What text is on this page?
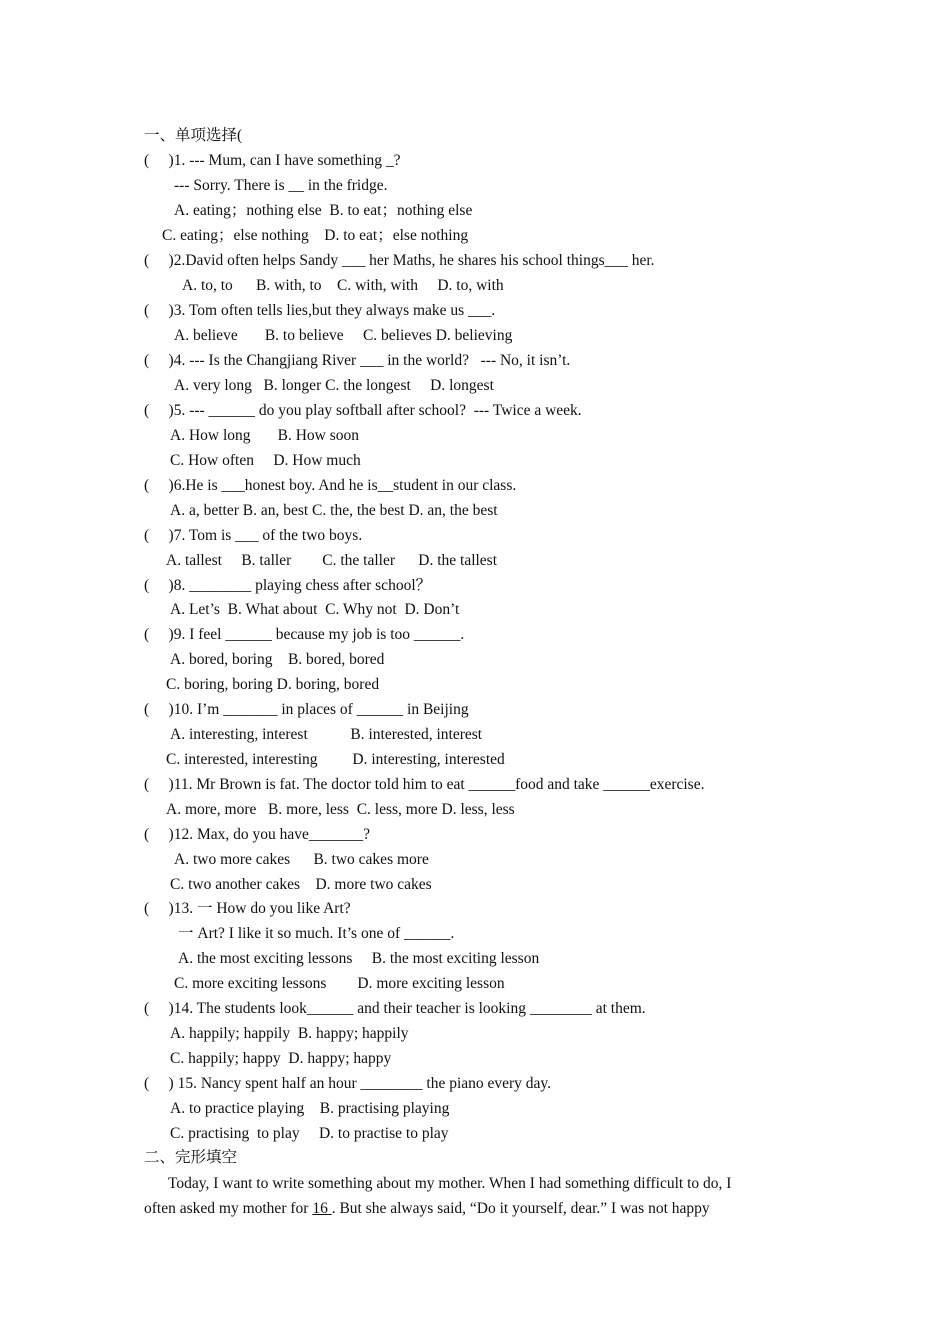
一、单项选择(
(     )1. --- Mum, can I have something _?
--- Sorry. There is __ in the fridge.
A. eating；nothing else  B. to eat；nothing else
C. eating；else nothing    D. to eat；else nothing
(     )2.David often helps Sandy ___ her Maths, he shares his school things___ her.
A. to, to      B. with, to    C. with, with     D. to, with
(     )3. Tom often tells lies,but they always make us ___.
A. believe       B. to believe     C. believes D. believing
(     )4. --- Is the Changjiang River ___ in the world?   --- No, it isn’t.
A. very long   B. longer C. the longest     D. longest
(     )5. --- ______ do you play softball after school?  --- Twice a week.
A. How long       B. How soon
C. How often     D. How much
(     )6.He is ___honest boy. And he is__student in our class.
A. a, better B. an, best C. the, the best D. an, the best
(     )7. Tom is ___ of the two boys.
A. tallest     B. taller        C. the taller      D. the tallest
(     )8. ________ playing chess after school？
A. Let’s  B. What about  C. Why not  D. Don’t
(     )9. I feel ______ because my job is too ______.
A. bored, boring    B. bored, bored
C. boring, boring D. boring, bored
(     )10. I’m _______ in places of ______ in Beijing
A. interesting, interest           B. interested, interest
C. interested, interesting         D. interesting, interested
(     )11. Mr Brown is fat. The doctor told him to eat ______food and take ______exercise.
A. more, more   B. more, less  C. less, more D. less, less
(     )12. Max, do you have_______?
A. two more cakes      B. two cakes more
C. two another cakes    D. more two cakes
(     )13. 一 How do you like Art?
一 Art? I like it so much. It’s one of ______.
A. the most exciting lessons     B. the most exciting lesson
C. more exciting lessons        D. more exciting lesson
(     )14. The students look______ and their teacher is looking ________ at them.
A. happily; happily  B. happy; happily
C. happily; happy  D. happy; happy
(     ) 15. Nancy spent half an hour ________ the piano every day.
A. to practice playing    B. practising playing
C. practising  to play     D. to practise to play
二、完形填空
Today, I want to write something about my mother. When I had something difficult to do, I
often asked my mother for 16 . But she always said, “Do it yourself, dear.” I was not happy
